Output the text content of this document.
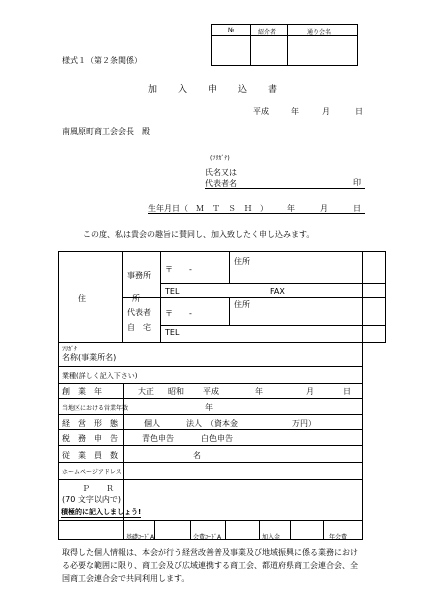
№	紹介者	通り会名
様式１（第２条関係）
加　入　申　込　書
平成	年	月	日
南風原町商工会会長　殿
(ﾌﾘｶﾞﾅ)
氏名又は
代表者名	印
生年月日（　Ｍ　Ｔ　Ｓ　Ｈ　） 年	月	日
この度、私は貴会の趣旨に賛同し、加入致したく申し込みます。
住　　所
事務所
〒　　-
住所
TEL	FAX
代表者
自　宅
〒　　-
住所
TEL
ﾌﾘｶﾞﾅ
名称(事業所名)
業種(詳しく記入下さい)
創　業　年	大正 昭和 平成	年	月	日
当地区における営業年数	年
経　営　形　態	個人	法人　（資本金	万円）
税　務　申　告	青色申告	白色申告
従　業　員　数	名
ホームページアドレス
Ｐ　　Ｒ
(70 文字以内で)
積極的に記入しましょう!
基礎ｺｰﾄﾞA	会費ｺｰﾄﾞA	加入金	年会費
取得した個人情報は、本会が行う経営改善普及事業及び地域振興に係る業務における必要な範囲に限り、商工会及び広域連携する商工会、都道府県商工会連合会、全国商工会連合会で共同利用します。
